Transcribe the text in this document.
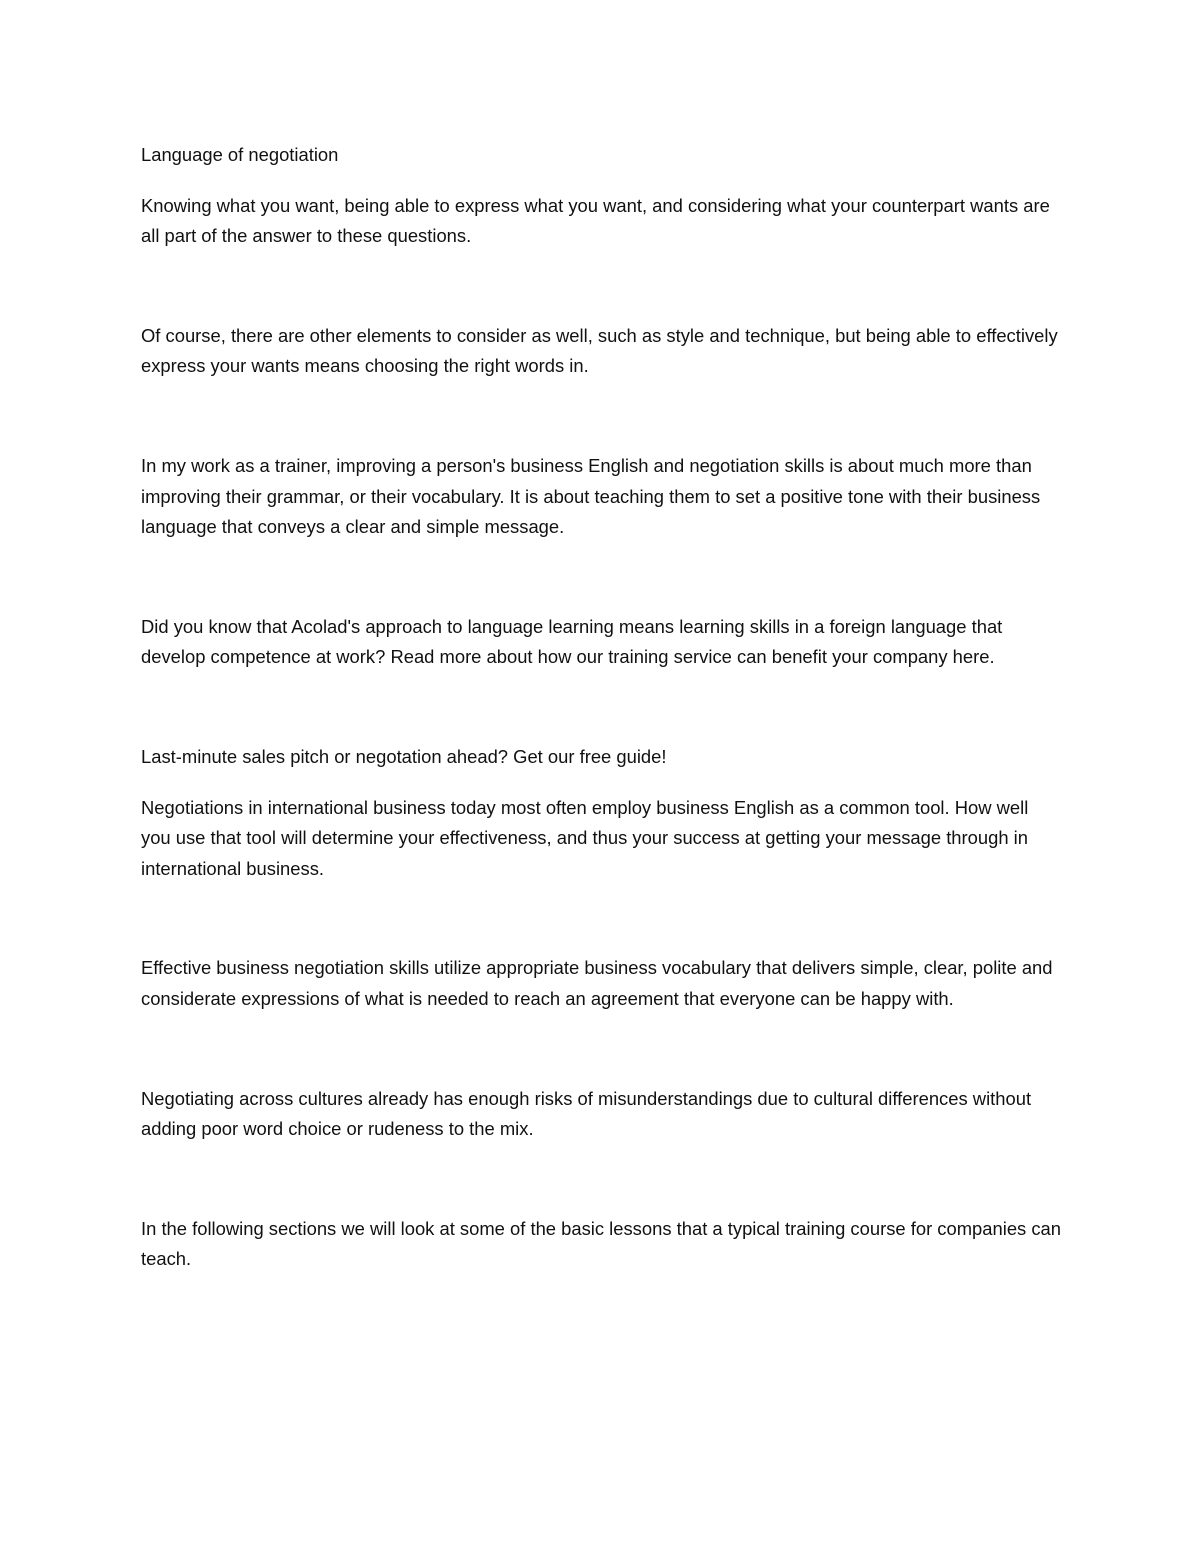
Language of negotiation

Knowing what you want, being able to express what you want, and considering what your counterpart wants are all part of the answer to these questions.

Of course, there are other elements to consider as well, such as style and technique, but being able to effectively express your wants means choosing the right words in.

In my work as a trainer, improving a person's business English and negotiation skills is about much more than improving their grammar, or their vocabulary. It is about teaching them to set a positive tone with their business language that conveys a clear and simple message.

Did you know that Acolad's approach to language learning means learning skills in a foreign language that develop competence at work? Read more about how our training service can benefit your company here.

Last-minute sales pitch or negotation ahead? Get our free guide!

Negotiations in international business today most often employ business English as a common tool. How well you use that tool will determine your effectiveness, and thus your success at getting your message through in international business.

Effective business negotiation skills utilize appropriate business vocabulary that delivers simple, clear, polite and considerate expressions of what is needed to reach an agreement that everyone can be happy with.

Negotiating across cultures already has enough risks of misunderstandings due to cultural differences without adding poor word choice or rudeness to the mix.

In the following sections we will look at some of the basic lessons that a typical training course for companies can teach.
